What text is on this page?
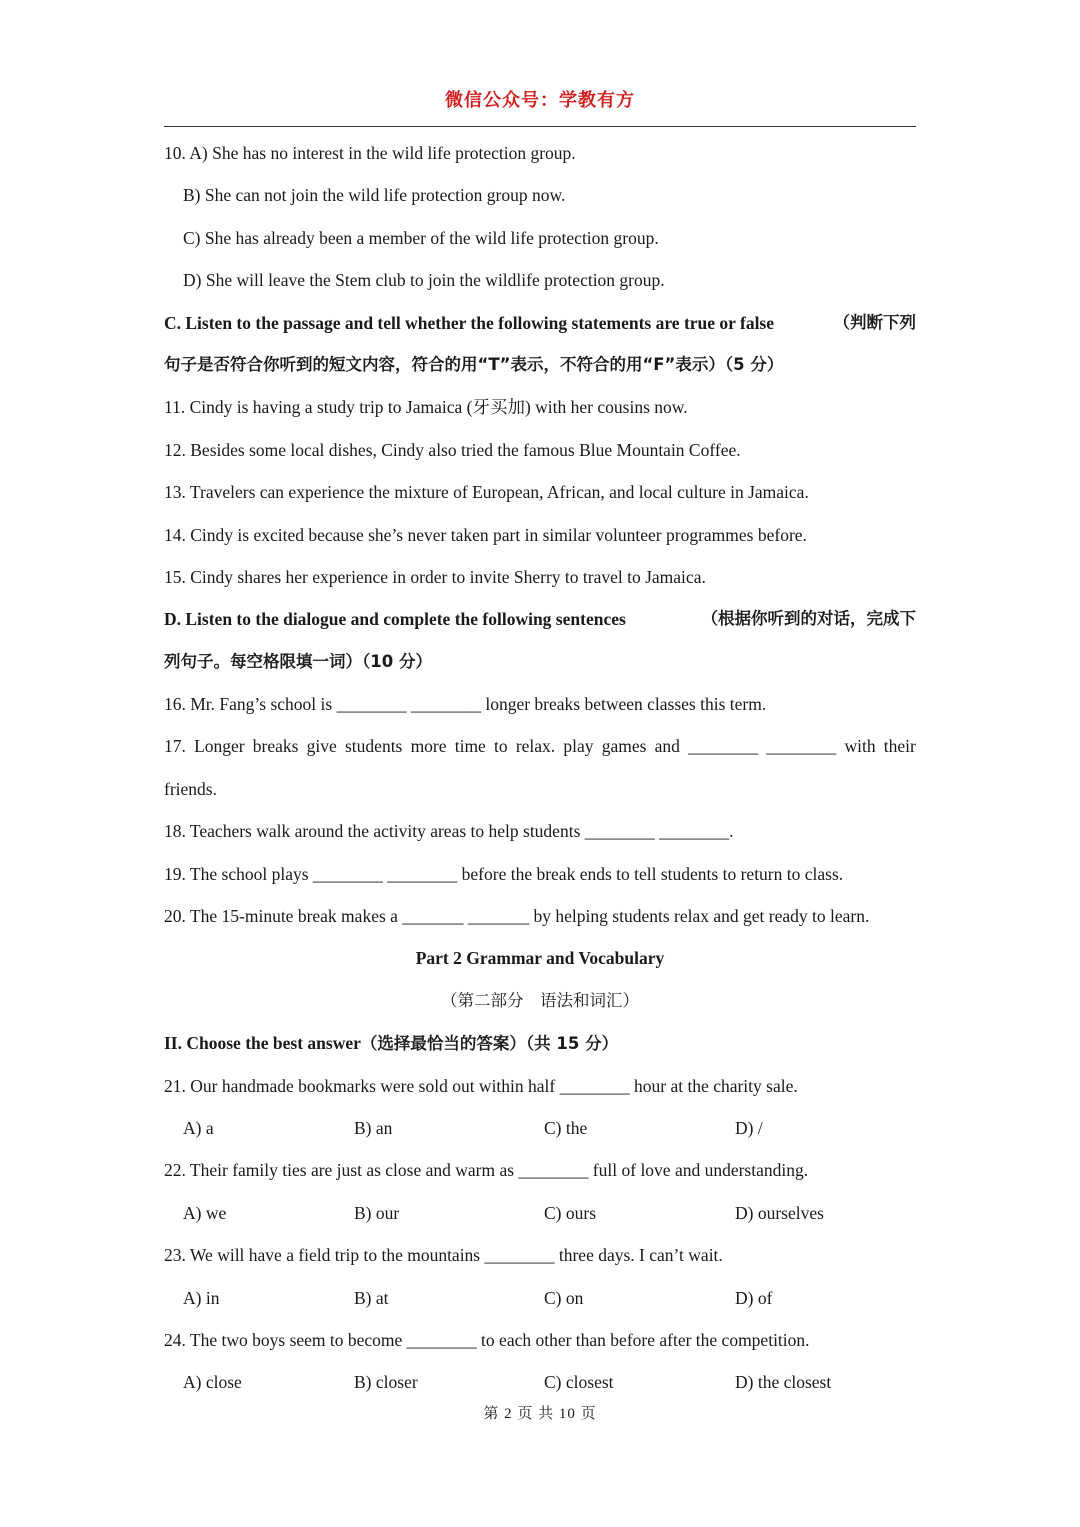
微信公众号：学教有方
10. A) She has no interest in the wild life protection group.
B) She can not join the wild life protection group now.
C) She has already been a member of the wild life protection group.
D) She will leave the Stem club to join the wildlife protection group.
C. Listen to the passage and tell whether the following statements are true or false	（判断下列
句子是否符合你听到的短文内容，符合的用“T”表示，不符合的用“F”表示）（5 分）
11. Cindy is having a study trip to Jamaica (牙买加) with her cousins now.
12. Besides some local dishes, Cindy also tried the famous Blue Mountain Coffee.
13. Travelers can experience the mixture of European, African, and local culture in Jamaica.
14. Cindy is excited because she’s never taken part in similar volunteer programmes before.
15. Cindy shares her experience in order to invite Sherry to travel to Jamaica.
D. Listen to the dialogue and complete the following sentences	（根据你听到的对话，完成下
列句子。每空格限填一词）（10 分）
16. Mr. Fang’s school is ________ ________ longer breaks between classes this term.
17. Longer breaks give students more time to relax. play games and ________ ________ with their
friends.
18. Teachers walk around the activity areas to help students ________ ________.
19. The school plays ________ ________ before the break ends to tell students to return to class.
20. The 15-minute break makes a _______ _______ by helping students relax and get ready to learn.
Part 2 Grammar and Vocabulary
（第二部分　语法和词汇）
II. Choose the best answer（选择最恰当的答案）（共 15 分）
21. Our handmade bookmarks were sold out within half ________ hour at the charity sale.
A) a	B) an	C) the	D) /
22. Their family ties are just as close and warm as ________ full of love and understanding.
A) we	B) our	C) ours	D) ourselves
23. We will have a field trip to the mountains ________ three days. I can’t wait.
A) in	B) at	C) on	D) of
24. The two boys seem to become ________ to each other than before after the competition.
A) close	B) closer	C) closest	D) the closest
第 2 页 共 10 页
